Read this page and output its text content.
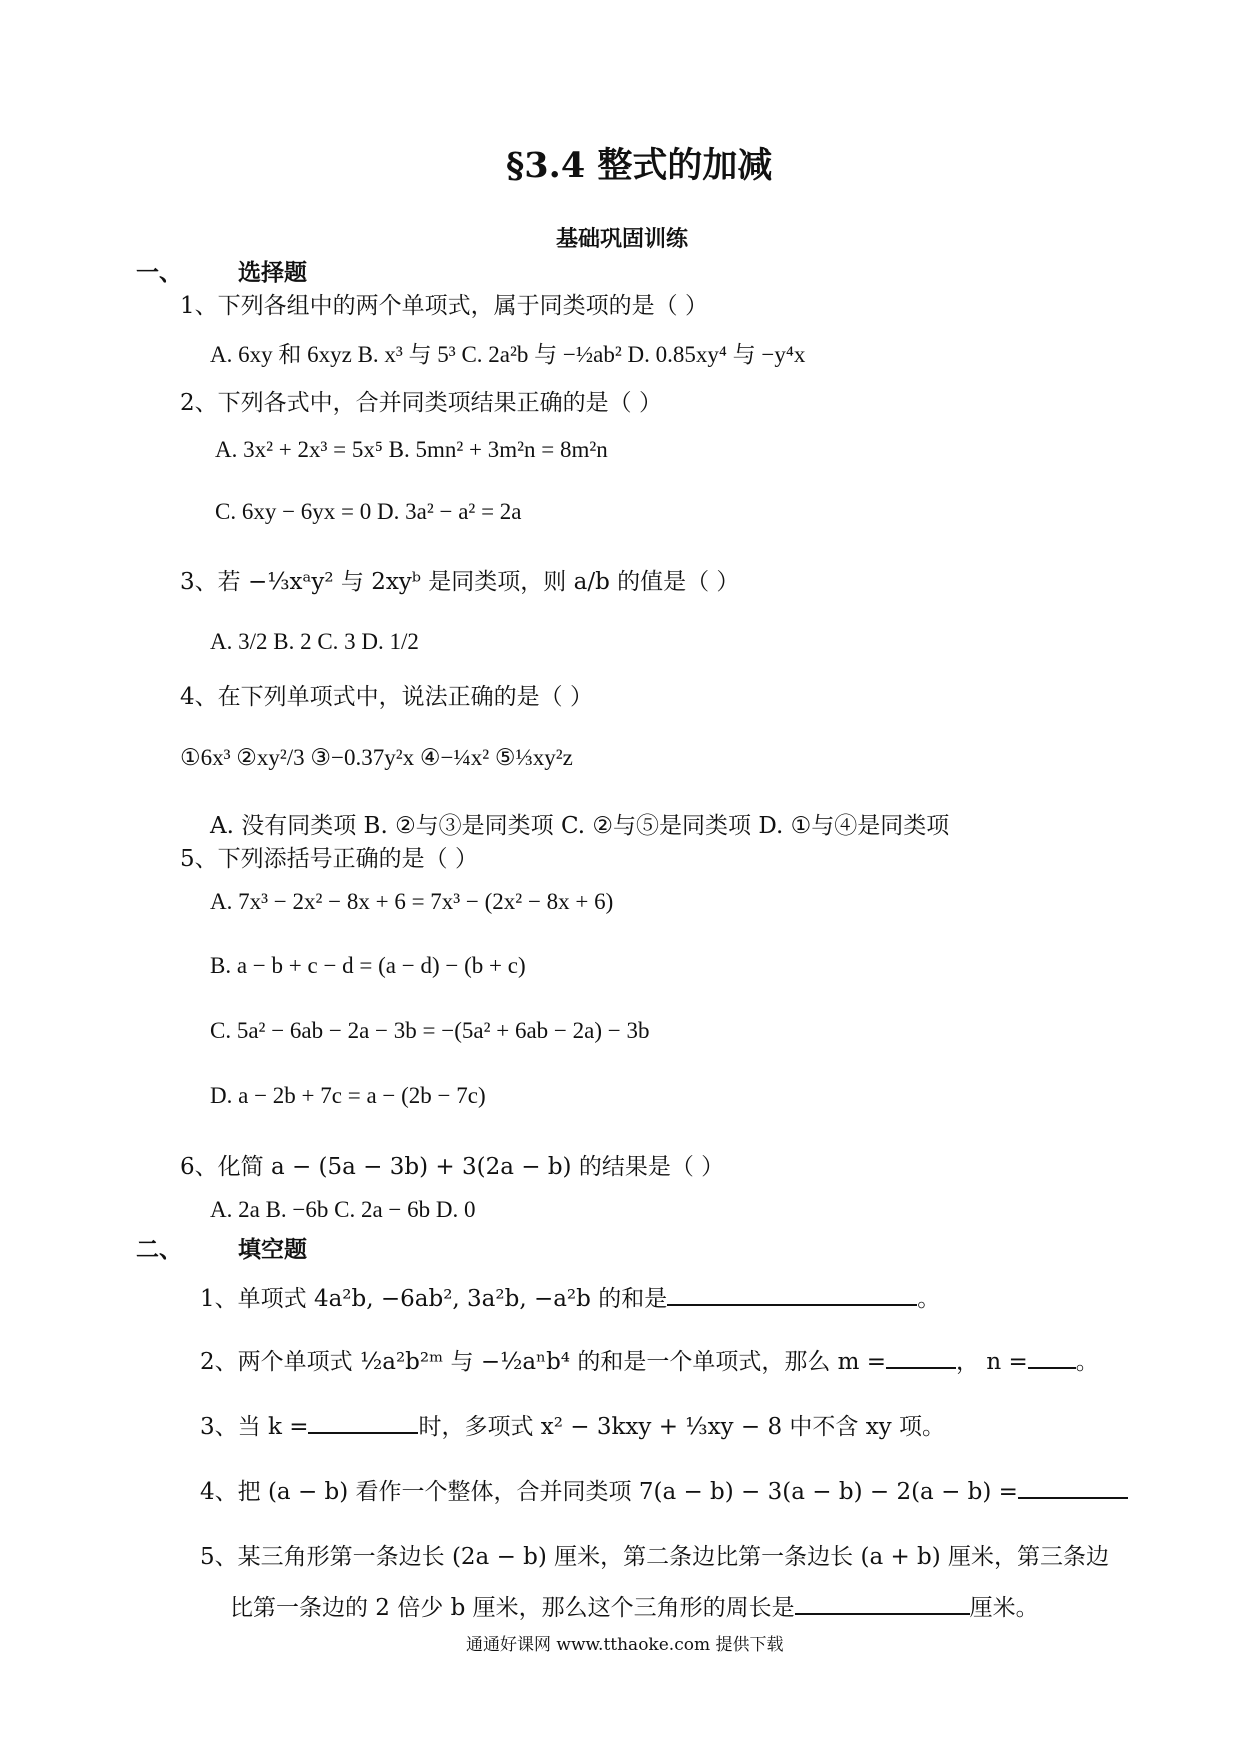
§3.4 整式的加减
基础巩固训练
一、 选择题
1、下列各组中的两个单项式，属于同类项的是（ ）
A. 6xy 和 6xyz B. x³ 与 5³ C. 2a²b 与 −½ab² D. 0.85xy⁴ 与 −y⁴x
2、下列各式中，合并同类项结果正确的是（ ）
A. 3x² + 2x³ = 5x⁵ B. 5mn² + 3m²n = 8m²n
C. 6xy − 6yx = 0 D. 3a² − a² = 2a
3、若 −⅓xᵃy² 与 2xyᵇ 是同类项，则 a/b 的值是（ ）
A. 3/2 B. 2 C. 3 D. 1/2
4、在下列单项式中，说法正确的是（ ）
①6x³ ②xy²/3 ③−0.37y²x ④−¼x² ⑤⅓xy²z
A. 没有同类项 B. ②与③是同类项 C. ②与⑤是同类项 D. ①与④是同类项
5、下列添括号正确的是（ ）
A. 7x³ − 2x² − 8x + 6 = 7x³ − (2x² − 8x + 6)
B. a − b + c − d = (a − d) − (b + c)
C. 5a² − 6ab − 2a − 3b = −(5a² + 6ab − 2a) − 3b
D. a − 2b + 7c = a − (2b − 7c)
6、化简 a − (5a − 3b) + 3(2a − b) 的结果是（ ）
A. 2a B. −6b C. 2a − 6b D. 0
二、 填空题
1、单项式 4a²b, −6ab², 3a²b, −a²b 的和是	。
2、两个单项式 ½a²b²ᵐ 与 −½aⁿb⁴ 的和是一个单项式，那么 m =	， n = 。
3、当 k =	时，多项式 x² − 3kxy + ⅓xy − 8 中不含 xy 项。
4、把 (a − b) 看作一个整体，合并同类项 7(a − b) − 3(a − b) − 2(a − b) =
5、某三角形第一条边长 (2a − b) 厘米，第二条边比第一条边长 (a + b) 厘米，第三条边
比第一条边的 2 倍少 b 厘米，那么这个三角形的周长是	厘米。
通通好课网 www.tthaoke.com 提供下载
